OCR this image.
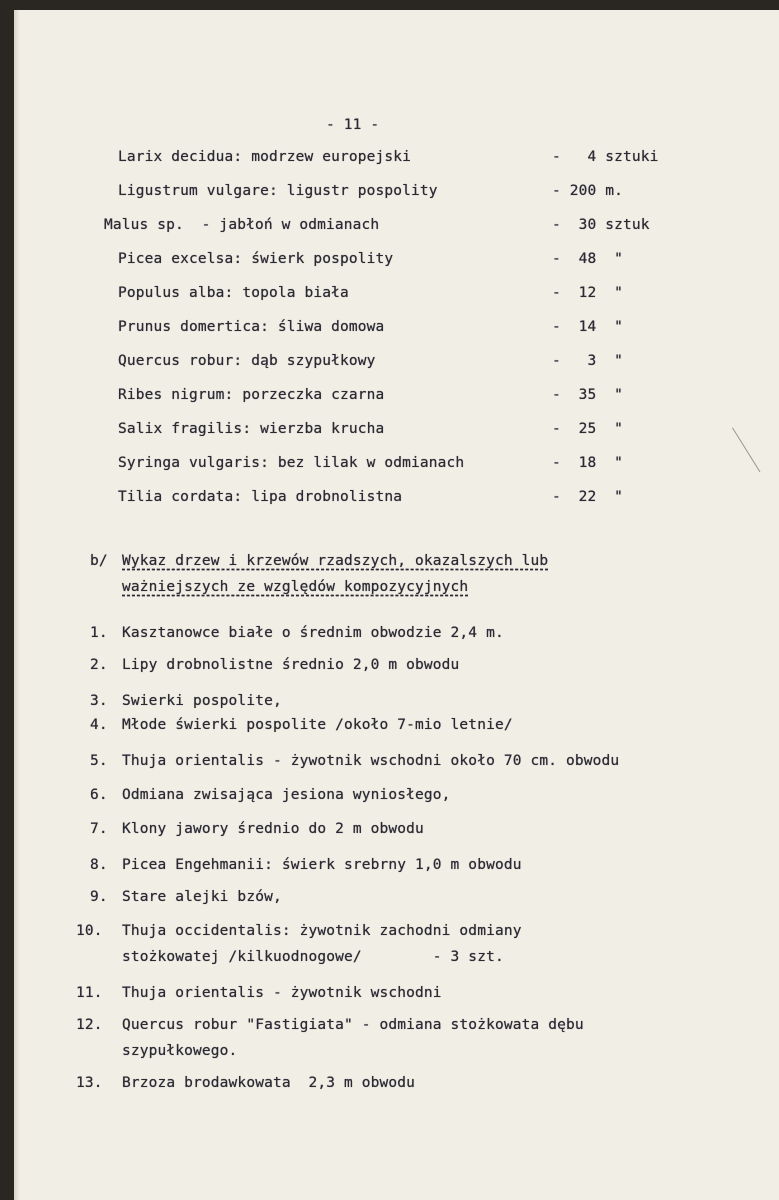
- 11 -
Larix decidua: modrzew europejski	-   4 sztuki
Ligustrum vulgare: ligustr pospolity	- 200 m.
Malus sp.  - jabłoń w odmianach	-  30 sztuk
Picea excelsa: świerk pospolity	-  48  "
Populus alba: topola biała	-  12  "
Prunus domertica: śliwa domowa	-  14  "
Quercus robur: dąb szypułkowy	-   3  "
Ribes nigrum: porzeczka czarna	-  35  "
Salix fragilis: wierzba krucha	-  25  "
Syringa vulgaris: bez lilak w odmianach	-  18  "
Tilia cordata: lipa drobnolistna	-  22  "
b/ Wykaz drzew i krzewów rzadszych, okazalszych lub
ważniejszych ze względów kompozycyjnych
1. Kasztanowce białe o średnim obwodzie 2,4 m.
2. Lipy drobnolistne średnio 2,0 m obwodu
3. Swierki pospolite,
4. Młode świerki pospolite /około 7-mio letnie/
5. Thuja orientalis - żywotnik wschodni około 70 cm. obwodu
6. Odmiana zwisająca jesiona wyniosłego,
7. Klony jawory średnio do 2 m obwodu
8. Picea Engehmanii: świerk srebrny 1,0 m obwodu
9. Stare alejki bzów,
10. Thuja occidentalis: żywotnik zachodni odmiany
stożkowatej /kilkuodnogowe/        - 3 szt.
11. Thuja orientalis - żywotnik wschodni
12. Quercus robur "Fastigiata" - odmiana stożkowata dębu
szypułkowego.
13. Brzoza brodawkowata  2,3 m obwodu
